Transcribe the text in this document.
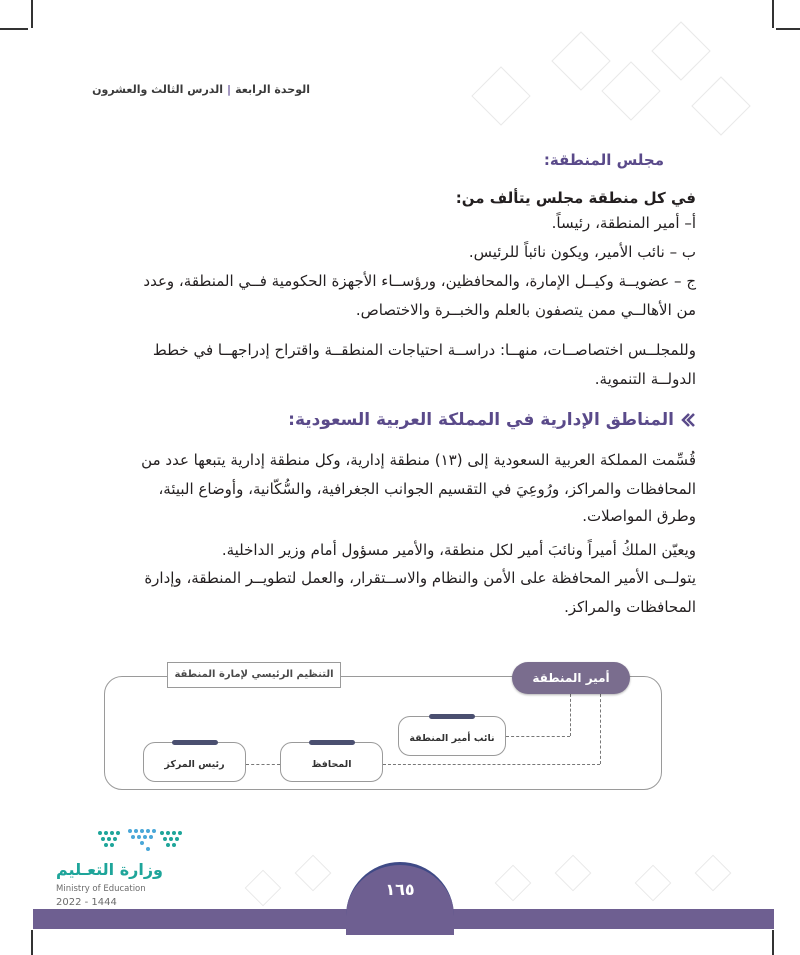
الوحدة الرابعة|الدرس الثالث والعشرون
مجلس المنطقة:
في كل منطقة مجلس يتألف من:
أ– أمير المنطقة، رئيساً.
ب – نائب الأمير، ويكون نائباً للرئيس.
ج – عضويــة وكيــل الإمارة، والمحافظين، ورؤســاء الأجهزة الحكومية فــي المنطقة، وعدد
من الأهالــي ممن يتصفون بالعلم والخبــرة والاختصاص.
وللمجلــس اختصاصــات، منهــا: دراســة احتياجات المنطقــة واقتراح إدراجهــا في خطط
الدولــة التنموية.
المناطق الإدارية في المملكة العربية السعودية:
قُسِّمت المملكة العربية السعودية إلى (١٣) منطقة إدارية، وكل منطقة إدارية يتبعها عدد من
المحافظات والمراكز، ورُوعِيَ في التقسيم الجوانب الجغرافية، والسُّكّانية، وأوضاع البيئة،
وطرق المواصلات.
ويعيّن الملكُ أميراً ونائبَ أمير لكل منطقة، والأمير مسؤول أمام وزير الداخلية.
يتولــى الأمير المحافظة على الأمن والنظام والاســتقرار، والعمل لتطويــر المنطقة، وإدارة
المحافظات والمراكز.
التنظيم الرئيسي لإمارة المنطقة	أمير المنطقة
نائب أمير المنطقة
المحافظ
رئيس المركز
وزارة التعـليم
Ministry of Education
2022 - 1444
١٦٥
